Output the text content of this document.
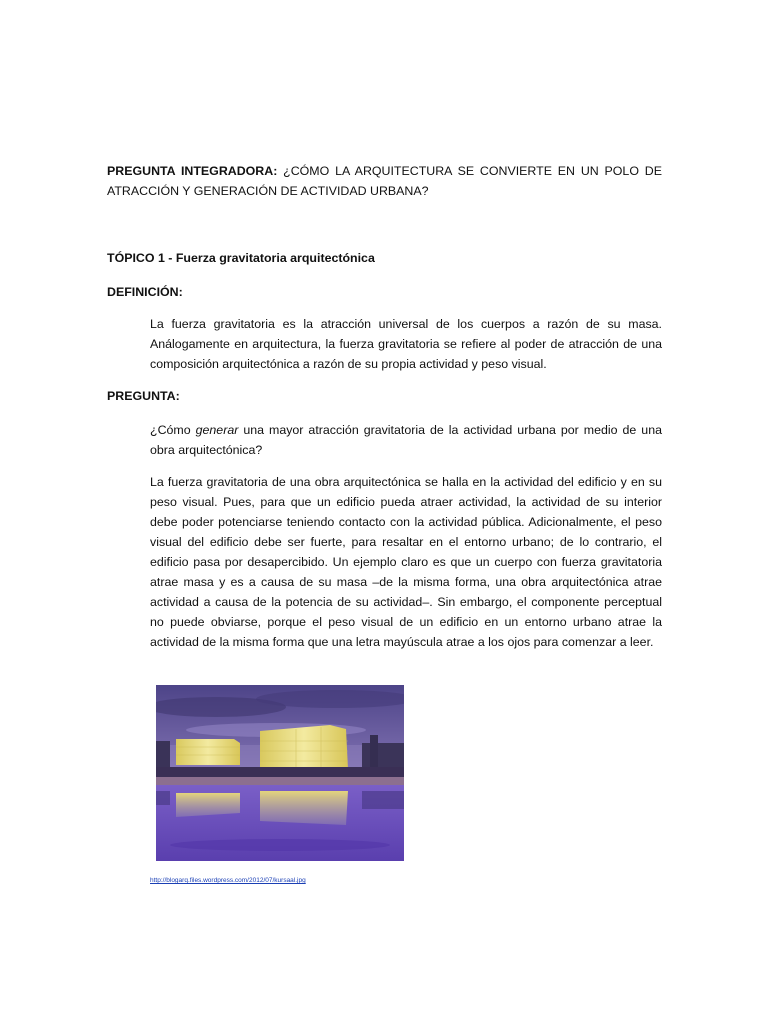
PREGUNTA INTEGRADORA: ¿CÓMO LA ARQUITECTURA SE CONVIERTE EN UN POLO DE ATRACCIÓN Y GENERACIÓN DE ACTIVIDAD URBANA?
TÓPICO 1 - Fuerza gravitatoria arquitectónica
DEFINICIÓN:
La fuerza gravitatoria es la atracción universal de los cuerpos a razón de su masa. Análogamente en arquitectura, la fuerza gravitatoria se refiere al poder de atracción de una composición arquitectónica a razón de su propia actividad y peso visual.
PREGUNTA:
¿Cómo generar una mayor atracción gravitatoria de la actividad urbana por medio de una obra arquitectónica?
La fuerza gravitatoria de una obra arquitectónica se halla en la actividad del edificio y en su peso visual. Pues, para que un edificio pueda atraer actividad, la actividad de su interior debe poder potenciarse teniendo contacto con la actividad pública. Adicionalmente, el peso visual del edificio debe ser fuerte, para resaltar en el entorno urbano; de lo contrario, el edificio pasa por desapercibido. Un ejemplo claro es que un cuerpo con fuerza gravitatoria atrae masa y es a causa de su masa –de la misma forma, una obra arquitectónica atrae actividad a causa de la potencia de su actividad–. Sin embargo, el componente perceptual no puede obviarse, porque el peso visual de un edificio en un entorno urbano atrae la actividad de la misma forma que una letra mayúscula atrae a los ojos para comenzar a leer.
http://blogarq.files.wordpress.com/2012/07/kursaal.jpg
